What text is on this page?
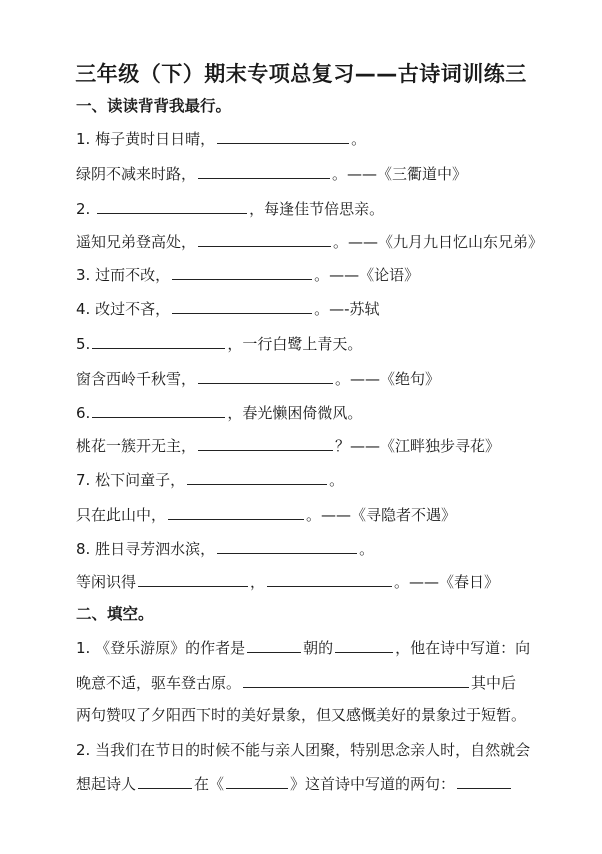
三年级（下）期末专项总复习——古诗词训练三
一、读读背背我最行。
1. 梅子黄时日日晴，	。
绿阴不减来时路，	。——《三衢道中》
2.	，每逢佳节倍思亲。
遥知兄弟登高处，	。——《九月九日忆山东兄弟》
3. 过而不改，	。——《论语》
4. 改过不吝，	。—-苏轼
5.	，一行白鹭上青天。
窗含西岭千秋雪，	。——《绝句》
6.	，春光懒困倚微风。
桃花一簇开无主，	？——《江畔独步寻花》
7. 松下问童子，	。
只在此山中，	。——《寻隐者不遇》
8. 胜日寻芳泗水滨，	。
等闲识得	，	。——《春日》
二、填空。
1. 《登乐游原》的作者是	朝的	，他在诗中写道：向
晚意不适，驱车登古原。	其中后
两句赞叹了夕阳西下时的美好景象，但又感慨美好的景象过于短暂。
2. 当我们在节日的时候不能与亲人团聚，特别思念亲人时，自然就会
想起诗人	在《	》这首诗中写道的两句：
